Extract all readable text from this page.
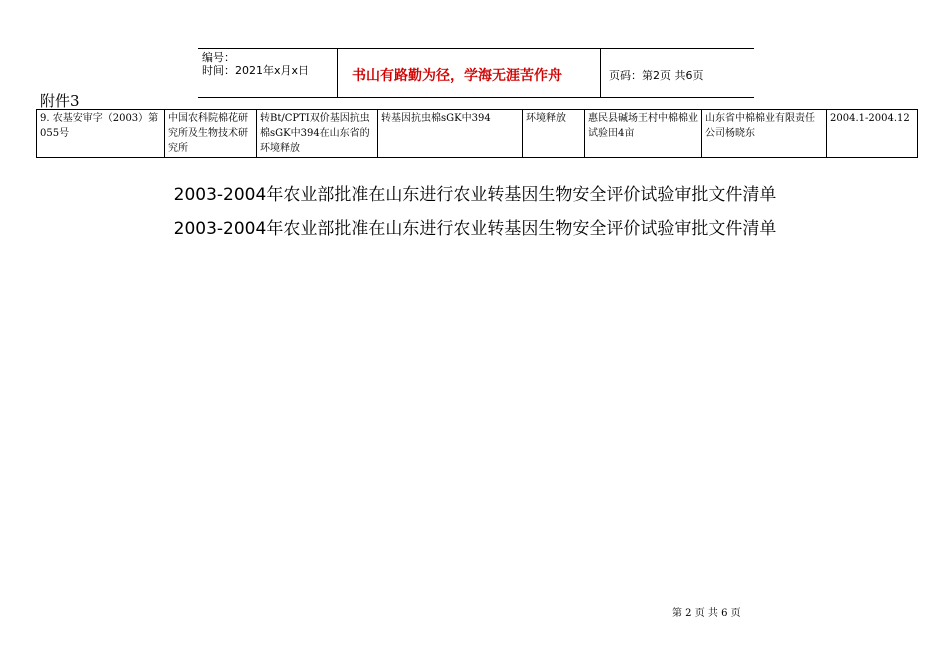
编号：
时间：2021年x月x日	书山有路勤为径，学海无涯苦作舟	页码：第2页 共6页
附件3
9. 农基安审字（2003）第055号	中国农科院棉花研究所及生物技术研究所	转Bt/CPTI双价基因抗虫棉sGK中394在山东省的环境释放	转基因抗虫棉sGK中394	环境释放	惠民县碱场王村中棉棉业试验田4亩	山东省中棉棉业有限责任公司杨晓东	2004.1-2004.12
2003-2004年农业部批准在山东进行农业转基因生物安全评价试验审批文件清单
2003-2004年农业部批准在山东进行农业转基因生物安全评价试验审批文件清单
第 2 页 共 6 页
